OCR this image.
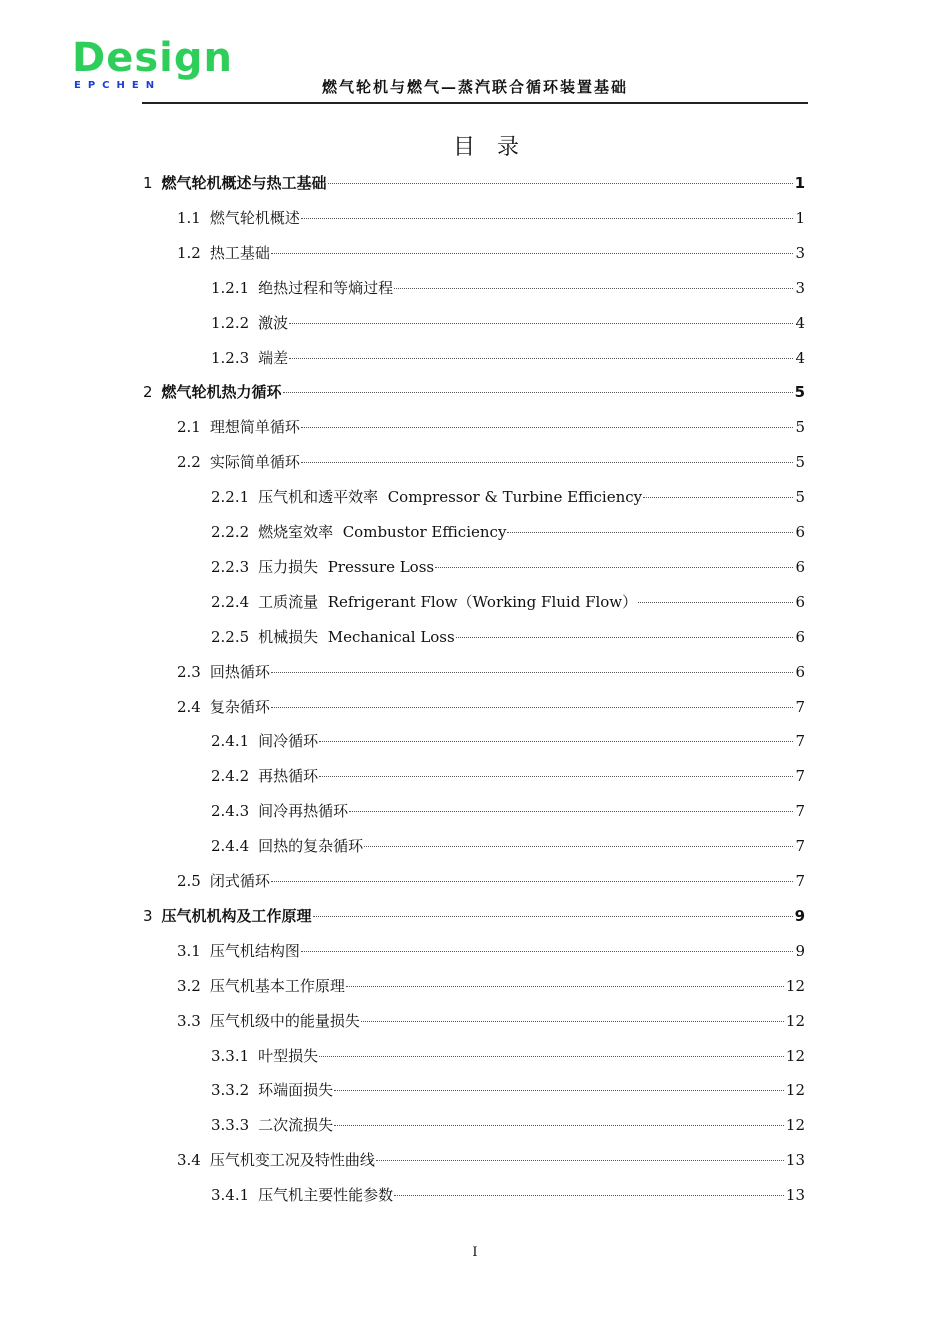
Design
EPCHEN	燃气轮机与燃气—蒸汽联合循环装置基础
目录
1 燃气轮机概述与热工基础	1
1.1 燃气轮机概述	1
1.2 热工基础	3
1.2.1 绝热过程和等熵过程	3
1.2.2 激波	4
1.2.3 端差	4
2 燃气轮机热力循环	5
2.1 理想简单循环	5
2.2 实际简单循环	5
2.2.1 压气机和透平效率  Compressor & Turbine Efficiency	5
2.2.2 燃烧室效率  Combustor Efficiency	6
2.2.3 压力损失  Pressure Loss	6
2.2.4 工质流量  Refrigerant Flow（Working Fluid Flow）	6
2.2.5 机械损失  Mechanical Loss	6
2.3 回热循环	6
2.4 复杂循环	7
2.4.1 间冷循环	7
2.4.2 再热循环	7
2.4.3 间冷再热循环	7
2.4.4 回热的复杂循环	7
2.5 闭式循环	7
3 压气机机构及工作原理	9
3.1 压气机结构图	9
3.2 压气机基本工作原理	12
3.3 压气机级中的能量损失	12
3.3.1 叶型损失	12
3.3.2 环端面损失	12
3.3.3 二次流损失	12
3.4 压气机变工况及特性曲线	13
3.4.1 压气机主要性能参数	13
I
